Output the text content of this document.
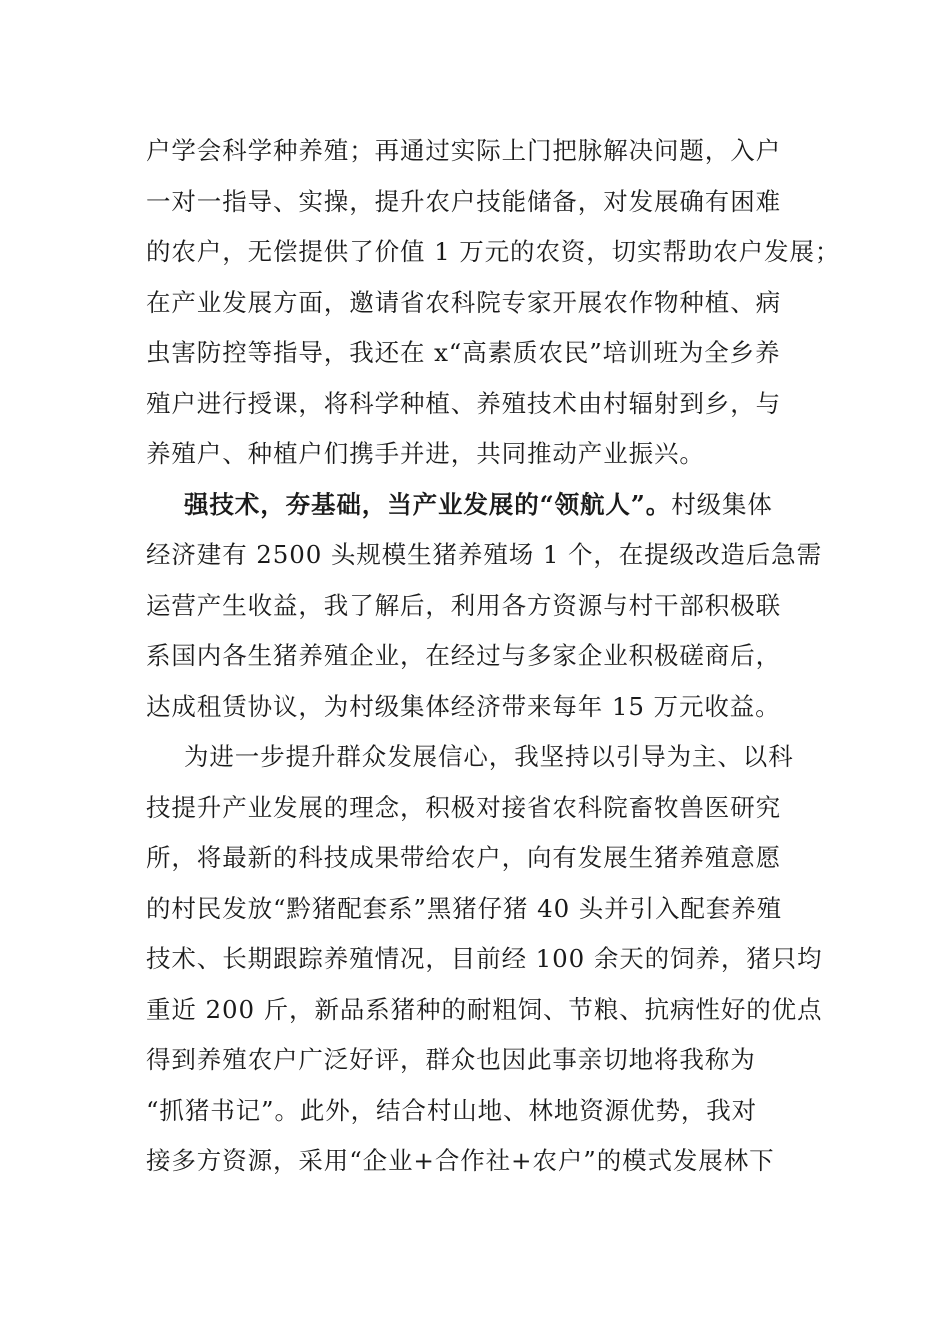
户学会科学种养殖；再通过实际上门把脉解决问题，入户
一对一指导、实操，提升农户技能储备，对发展确有困难
的农户，无偿提供了价值 1 万元的农资，切实帮助农户发展；
在产业发展方面，邀请省农科院专家开展农作物种植、病
虫害防控等指导，我还在 x“高素质农民”培训班为全乡养
殖户进行授课，将科学种植、养殖技术由村辐射到乡，与
养殖户、种植户们携手并进，共同推动产业振兴。
强技术，夯基础，当产业发展的“领航人”。村级集体
经济建有 2500 头规模生猪养殖场 1 个，在提级改造后急需
运营产生收益，我了解后，利用各方资源与村干部积极联
系国内各生猪养殖企业，在经过与多家企业积极磋商后，
达成租赁协议，为村级集体经济带来每年 15 万元收益。
为进一步提升群众发展信心，我坚持以引导为主、以科
技提升产业发展的理念，积极对接省农科院畜牧兽医研究
所，将最新的科技成果带给农户，向有发展生猪养殖意愿
的村民发放“黔猪配套系”黑猪仔猪 40 头并引入配套养殖
技术、长期跟踪养殖情况，目前经 100 余天的饲养，猪只均
重近 200 斤，新品系猪种的耐粗饲、节粮、抗病性好的优点
得到养殖农户广泛好评，群众也因此事亲切地将我称为
“抓猪书记”。此外，结合村山地、林地资源优势，我对
接多方资源，采用“企业+合作社+农户”的模式发展林下
